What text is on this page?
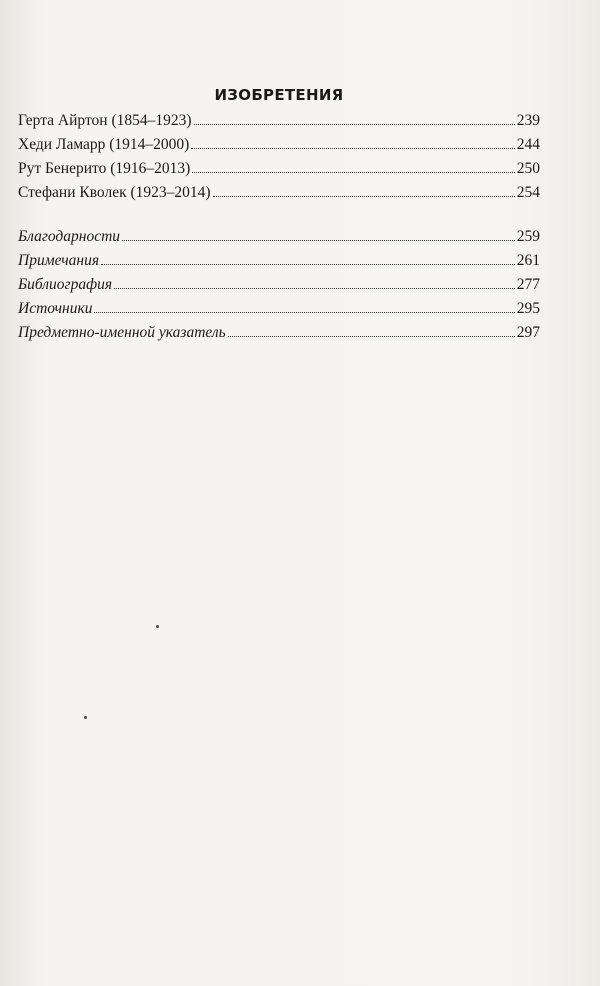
ИЗОБРЕТЕНИЯ
Герта Айртон (1854–1923)	239
Хеди Ламарр (1914–2000)	244
Рут Бенерито (1916–2013)	250
Стефани Кволек (1923–2014)	254
Благодарности	259
Примечания	261
Библиография	277
Источники	295
Предметно-именной указатель	297
